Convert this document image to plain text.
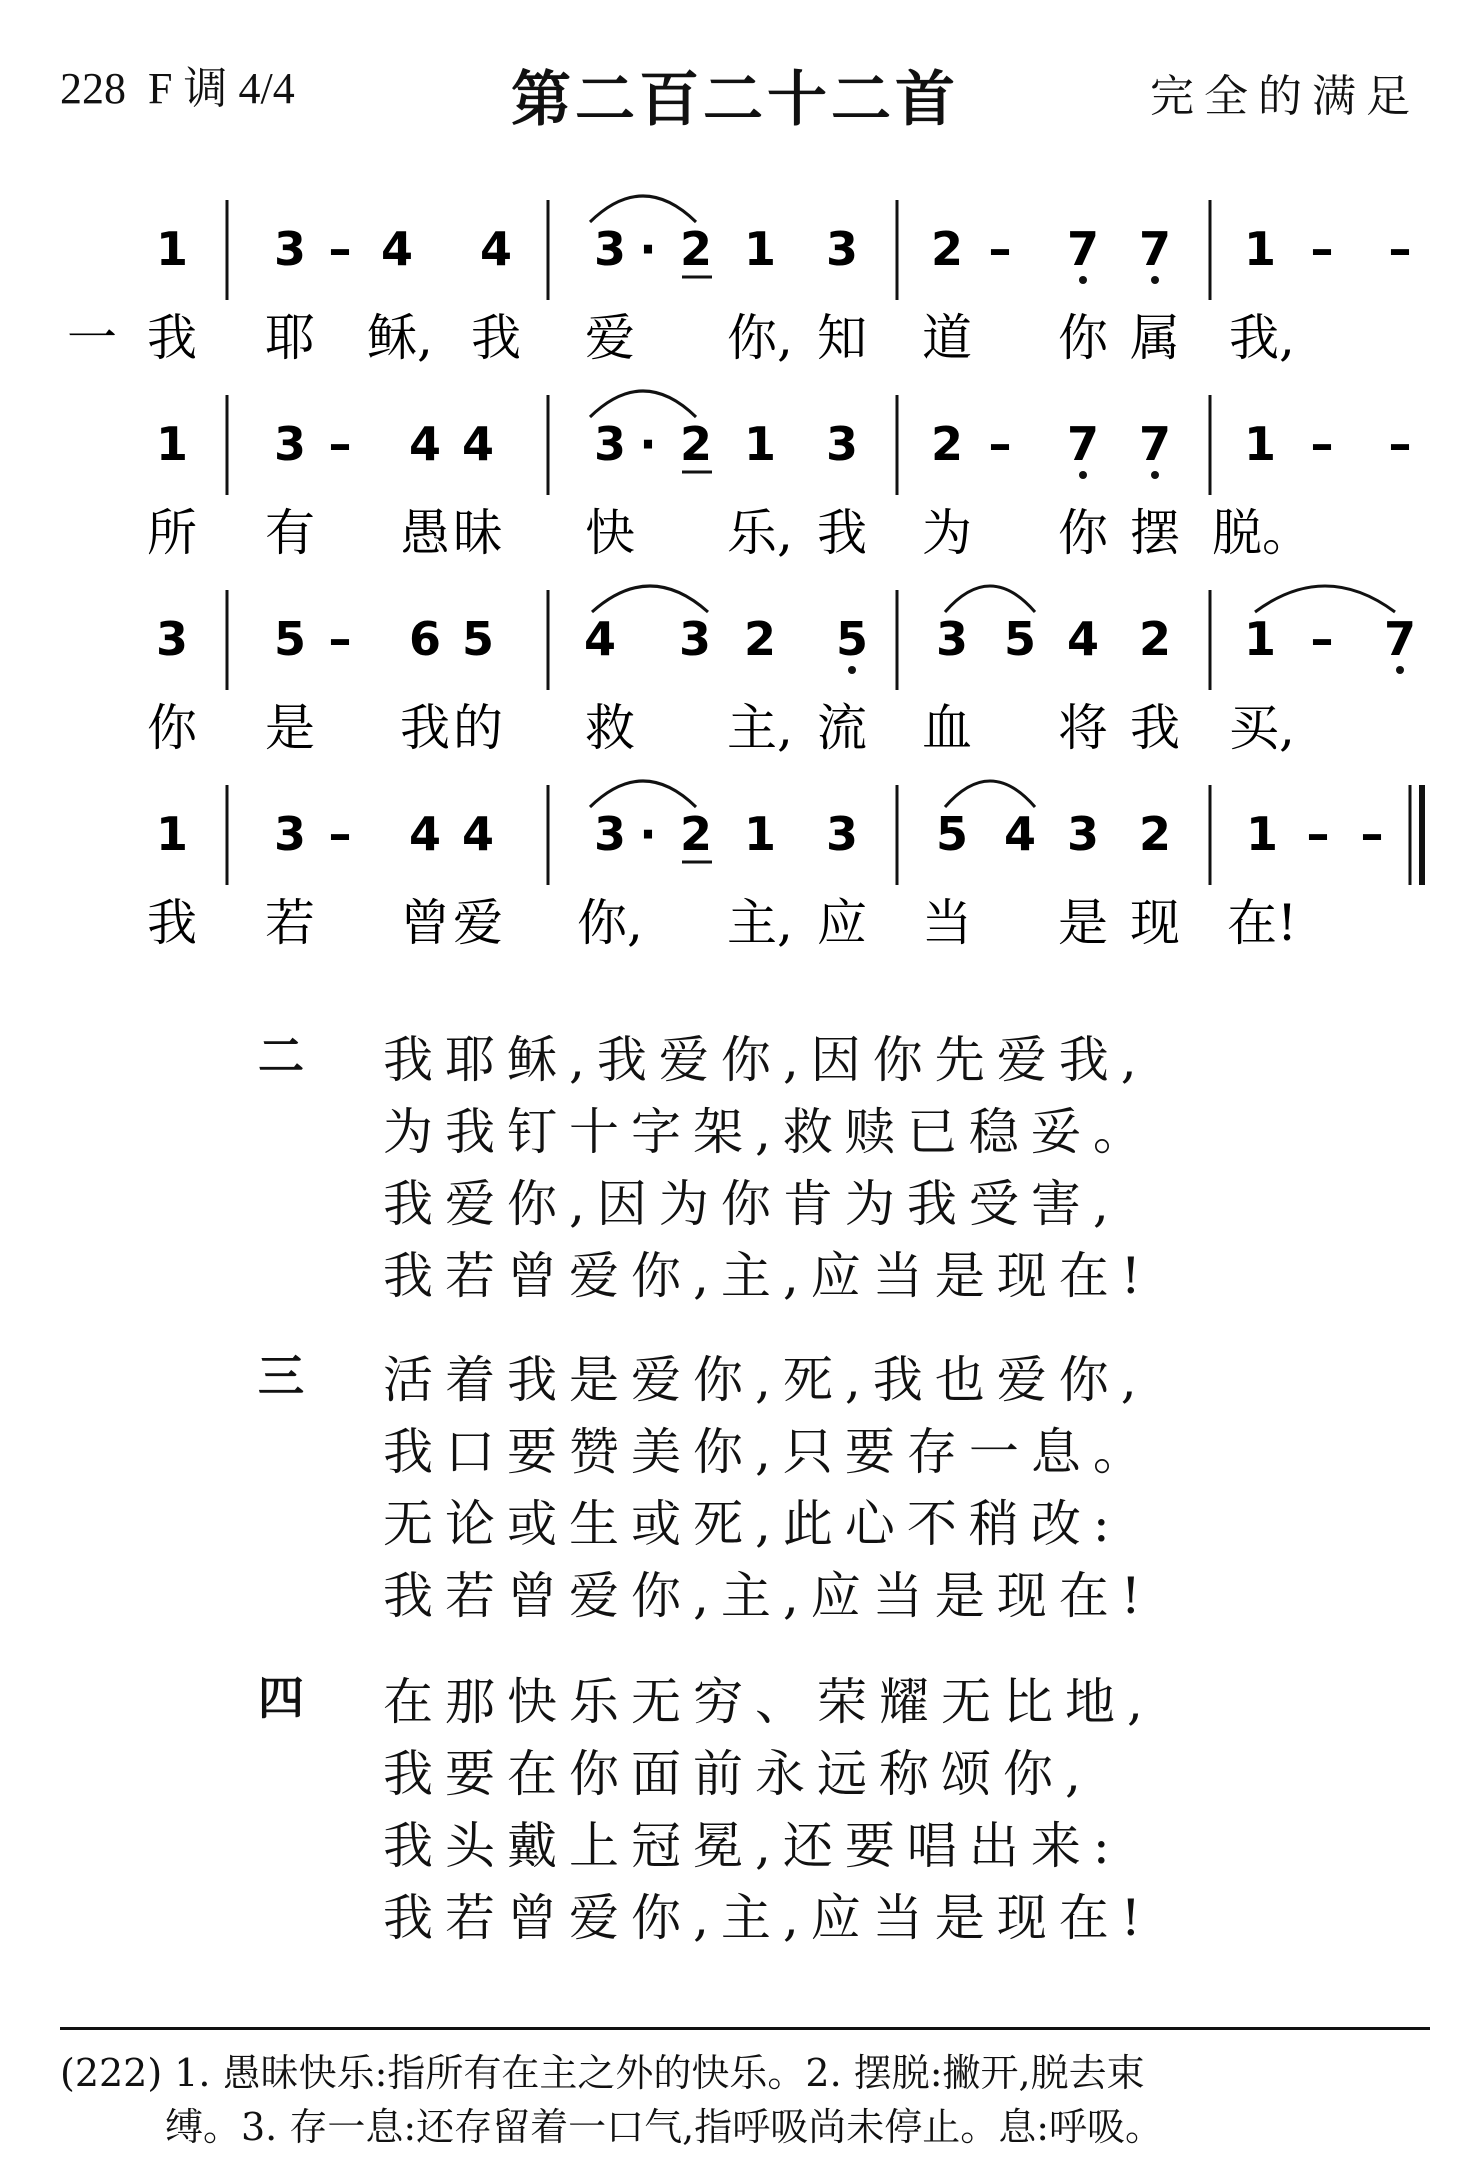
228 F 调 4/4	第二百二十二首	完全的满足
1 3 – 4 4 3 · 2 1 3 2 – 7 7 1 – –
1 3 – 4 4 3 · 2 1 3 2 – 7 7 1 – –
3 5 – 6 5 4 3 2 5 3 5 4 2 1 – 7
1 3 – 4 4 3 · 2 1 3 5 4 3 2 1 – –
一 我 耶 稣, 我 爱 你, 知 道 你 属 我,
所 有 愚 昧 快 乐, 我 为 你 摆 脱。
你 是 我 的 救 主, 流 血 将 我 买,
我 若 曾 爱 你, 主, 应 当 是 现 在!
二 我耶稣,我爱你,因你先爱我,
为我钉十字架,救赎已稳妥。
我爱你,因为你肯为我受害,
我若曾爱你,主,应当是现在!
三 活着我是爱你,死,我也爱你,
我口要赞美你,只要存一息。
无论或生或死,此心不稍改:
我若曾爱你,主,应当是现在!
四 在那快乐无穷、荣耀无比地,
我要在你面前永远称颂你,
我头戴上冠冕,还要唱出来:
我若曾爱你,主,应当是现在!
(222) 1. 愚昧快乐:指所有在主之外的快乐。2. 摆脱:撇开,脱去束
缚。3. 存一息:还存留着一口气,指呼吸尚未停止。息:呼吸。
